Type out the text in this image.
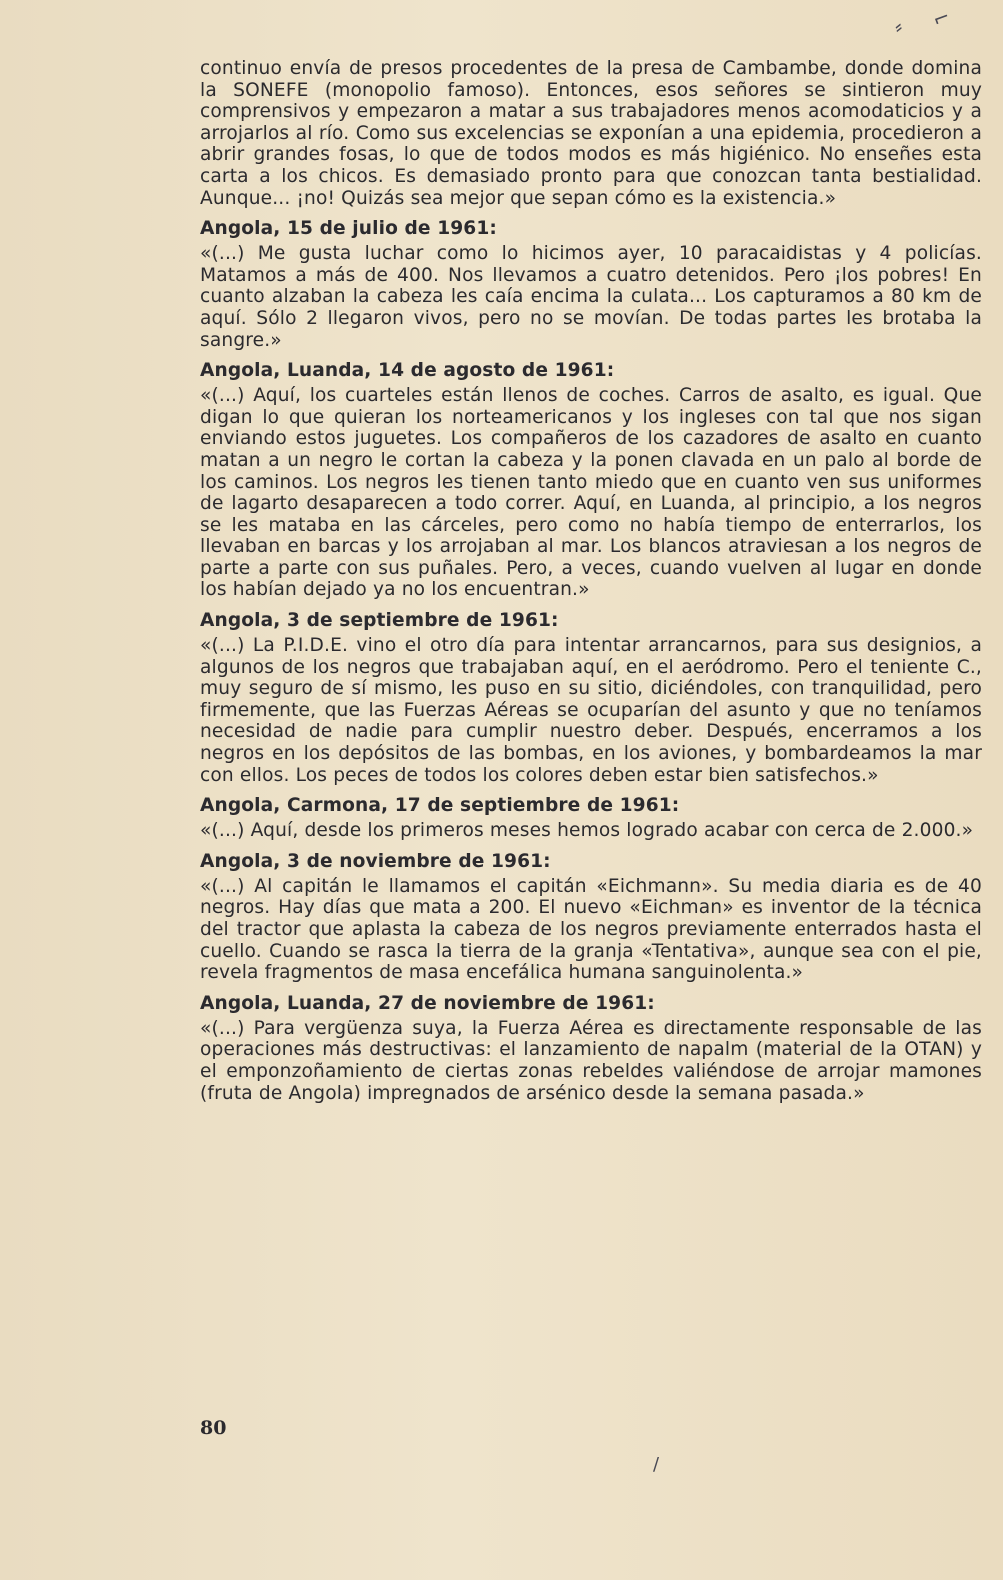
⸗ ⌐
/

continuo envía de presos procedentes de la presa de Cambambe, donde domina la SONEFE (monopolio famoso). Entonces, esos señores se sintieron muy comprensivos y empezaron a matar a sus trabajadores menos acomodaticios y a arrojarlos al río. Como sus excelencias se exponían a una epidemia, procedieron a abrir grandes fosas, lo que de todos modos es más higiénico. No enseñes esta carta a los chicos. Es demasiado pronto para que conozcan tanta bestialidad. Aunque... ¡no! Quizás sea mejor que sepan cómo es la existencia.»

Angola, 15 de julio de 1961:

«(...) Me gusta luchar como lo hicimos ayer, 10 paracaidistas y 4 policías. Matamos a más de 400. Nos llevamos a cuatro detenidos. Pero ¡los pobres! En cuanto alzaban la cabeza les caía encima la culata... Los capturamos a 80 km de aquí. Sólo 2 llegaron vivos, pero no se movían. De todas partes les brotaba la sangre.»

Angola, Luanda, 14 de agosto de 1961:

«(...) Aquí, los cuarteles están llenos de coches. Carros de asalto, es igual. Que digan lo que quieran los norteamericanos y los ingleses con tal que nos sigan enviando estos juguetes. Los compañeros de los cazadores de asalto en cuanto matan a un negro le cortan la cabeza y la ponen clavada en un palo al borde de los caminos. Los negros les tienen tanto miedo que en cuanto ven sus uniformes de lagarto desaparecen a todo correr. Aquí, en Luanda, al principio, a los negros se les mataba en las cárceles, pero como no había tiempo de enterrarlos, los llevaban en barcas y los arrojaban al mar. Los blancos atraviesan a los negros de parte a parte con sus puñales. Pero, a veces, cuando vuelven al lugar en donde los habían dejado ya no los encuentran.»

Angola, 3 de septiembre de 1961:

«(...) La P.I.D.E. vino el otro día para intentar arrancarnos, para sus designios, a algunos de los negros que trabajaban aquí, en el aeródromo. Pero el teniente C., muy seguro de sí mismo, les puso en su sitio, diciéndoles, con tranquilidad, pero firmemente, que las Fuerzas Aéreas se ocuparían del asunto y que no teníamos necesidad de nadie para cumplir nuestro deber. Después, encerramos a los negros en los depósitos de las bombas, en los aviones, y bombardeamos la mar con ellos. Los peces de todos los colores deben estar bien satisfechos.»

Angola, Carmona, 17 de septiembre de 1961:

«(...) Aquí, desde los primeros meses hemos logrado acabar con cerca de 2.000.»

Angola, 3 de noviembre de 1961:

«(...) Al capitán le llamamos el capitán «Eichmann». Su media diaria es de 40 negros. Hay días que mata a 200. El nuevo «Eichman» es inventor de la técnica del tractor que aplasta la cabeza de los negros previamente enterrados hasta el cuello. Cuando se rasca la tierra de la granja «Tentativa», aunque sea con el pie, revela fragmentos de masa encefálica humana sanguinolenta.»

Angola, Luanda, 27 de noviembre de 1961:

«(...) Para vergüenza suya, la Fuerza Aérea es directamente responsable de las operaciones más destructivas: el lanzamiento de napalm (material de la OTAN) y el emponzoñamiento de ciertas zonas rebeldes valiéndose de arrojar mamones (fruta de Angola) impregnados de arsénico desde la semana pasada.»

80
